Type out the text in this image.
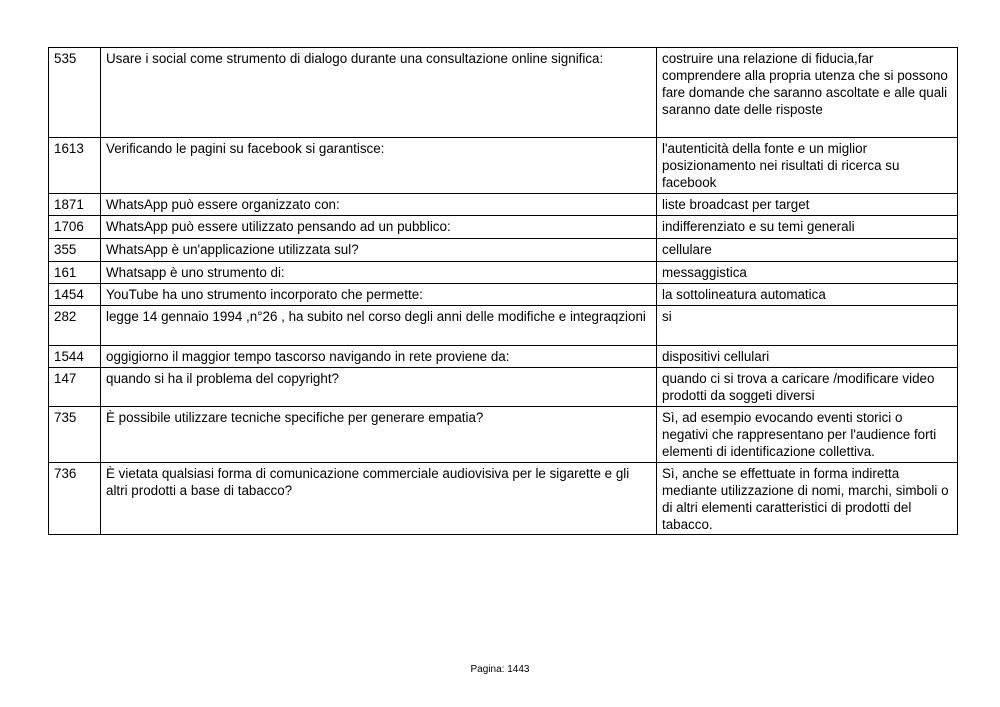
535	Usare i social come strumento di dialogo durante una consultazione online significa:	costruire una relazione di fiducia,far comprendere alla propria utenza che si possono fare domande che saranno ascoltate e alle quali saranno date delle risposte
1613	Verificando le pagini su facebook si garantisce:	l'autenticità della fonte e un miglior posizionamento nei risultati di ricerca su facebook
1871	WhatsApp può essere organizzato con:	liste broadcast per target
1706	WhatsApp può essere utilizzato pensando ad un pubblico:	indifferenziato e su temi generali
355	WhatsApp è un'applicazione utilizzata sul?	cellulare
161	Whatsapp è uno strumento di:	messaggistica
1454	YouTube ha uno strumento incorporato che permette:	la sottolineatura automatica
282	legge 14 gennaio 1994 ,n°26 , ha subito nel corso degli anni delle modifiche e integraqzioni	si
1544	oggigiorno il maggior tempo tascorso navigando in rete proviene da:	dispositivi cellulari
147	quando si ha il problema del copyright?	quando ci si trova a caricare /modificare video prodotti da soggeti diversi
735	È possibile utilizzare tecniche specifiche per generare empatia?	Sì, ad esempio evocando eventi storici o negativi che rappresentano per l'audience forti elementi di identificazione collettiva.
736	È vietata qualsiasi forma di comunicazione commerciale audiovisiva per le sigarette e gli altri prodotti a base di tabacco?	Sì, anche se effettuate in forma indiretta mediante utilizzazione di nomi, marchi, simboli o di altri elementi caratteristici di prodotti del tabacco.
Pagina: 1443
